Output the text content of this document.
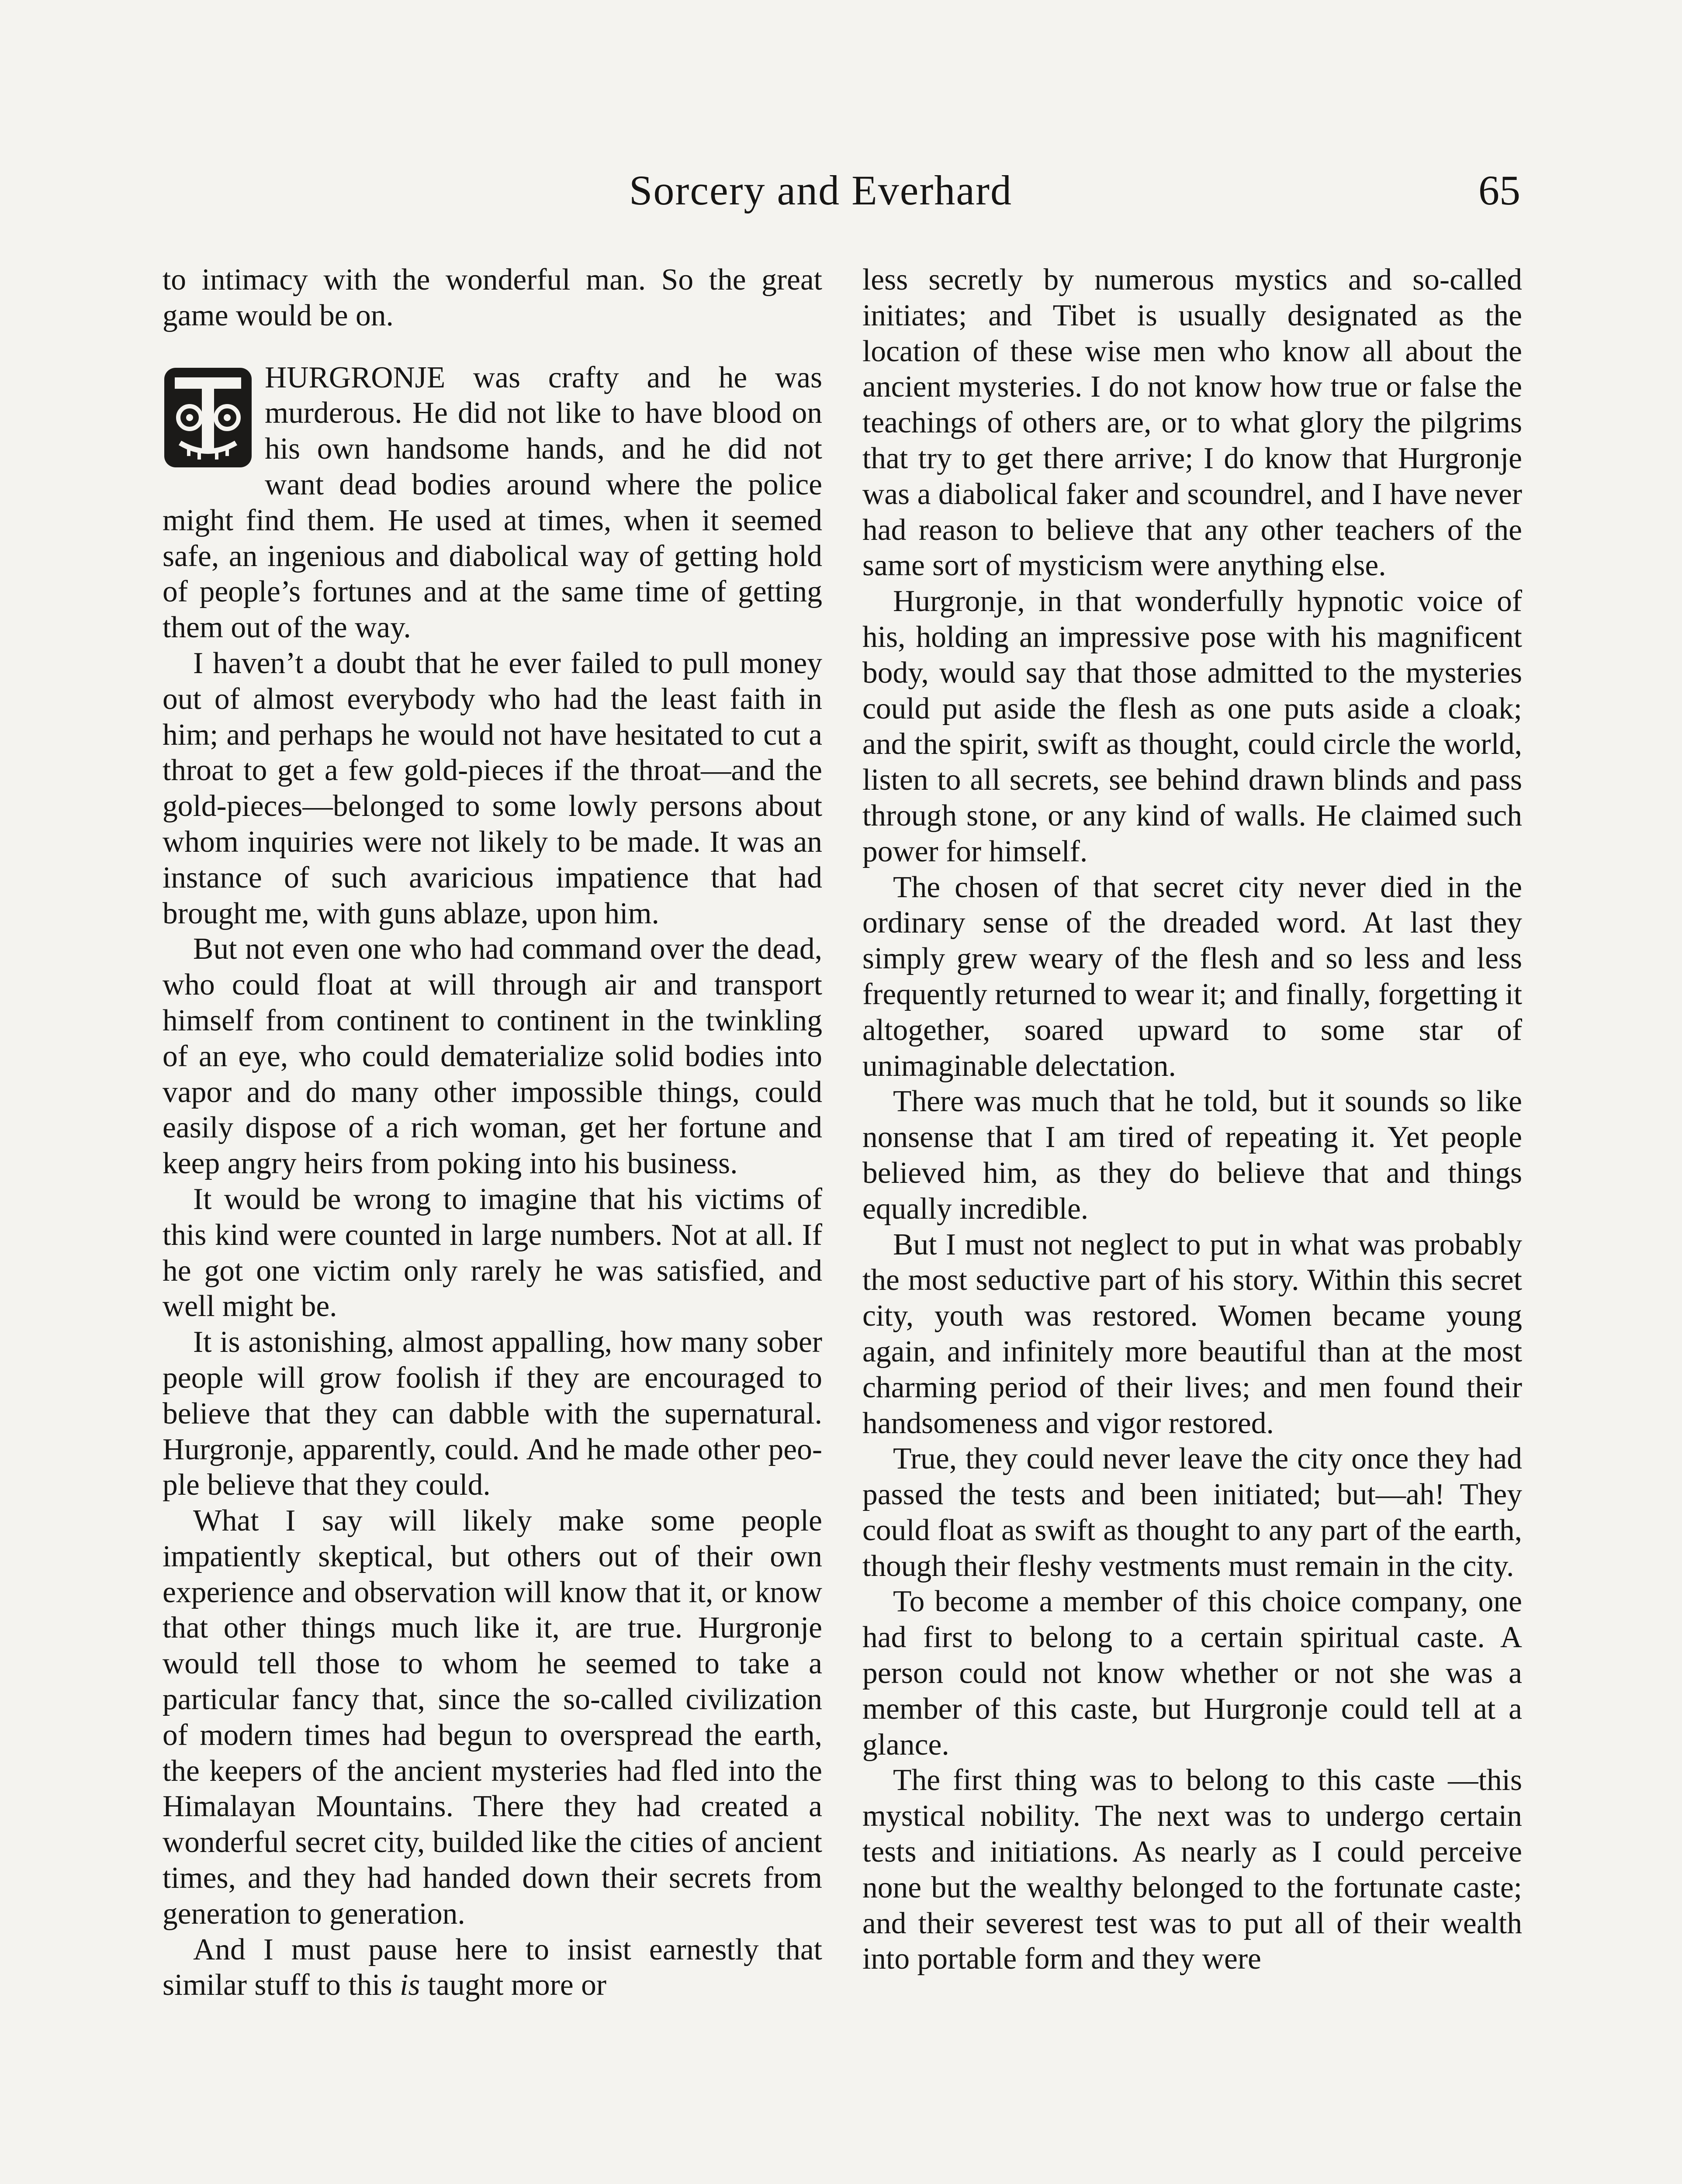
Sorcery and Everhard	65

to intimacy with the wonderful man. So the great game would be on.

HURGRONJE was crafty and he was murderous. He did not like to have blood on his own handsome hands, and he did not want dead bodies around where the police might find them. He used at times, when it seemed safe, an ingenious and diabolical way of getting hold of people’s fortunes and at the same time of getting them out of the way.

I haven’t a doubt that he ever failed to pull money out of almost everybody who had the least faith in him; and perhaps he would not have hesitated to cut a throat to get a few gold-pieces if the throat—and the gold-pieces—belonged to some lowly persons about whom inquiries were not likely to be made. It was an instance of such avaricious impatience that had brought me, with guns ablaze, upon him.

But not even one who had command over the dead, who could float at will through air and transport himself from continent to continent in the twinkling of an eye, who could dematerialize solid bodies into vapor and do many other impossible things, could easily dispose of a rich woman, get her fortune and keep angry heirs from poking into his business.

It would be wrong to imagine that his victims of this kind were counted in large numbers. Not at all. If he got one victim only rarely he was satisfied, and well might be.

It is astonishing, almost appalling, how many sober people will grow foolish if they are encouraged to believe that they can dabble with the supernatural. Hurgronje, apparently, could. And he made other people believe that they could.

What I say will likely make some people impatiently skeptical, but others out of their own experience and observation will know that it, or know that other things much like it, are true. Hurgronje would tell those to whom he seemed to take a particular fancy that, since the so-called civilization of modern times had begun to overspread the earth, the keepers of the ancient mysteries had fled into the Himalayan Mountains. There they had created a wonderful secret city, builded like the cities of ancient times, and they had handed down their secrets from generation to generation.

And I must pause here to insist earnestly that similar stuff to this is taught more or

less secretly by numerous mystics and so-called initiates; and Tibet is usually designated as the location of these wise men who know all about the ancient mysteries. I do not know how true or false the teachings of others are, or to what glory the pilgrims that try to get there arrive; I do know that Hurgronje was a diabolical faker and scoundrel, and I have never had reason to believe that any other teachers of the same sort of mysticism were anything else.

Hurgronje, in that wonderfully hypnotic voice of his, holding an impressive pose with his magnificent body, would say that those admitted to the mysteries could put aside the flesh as one puts aside a cloak; and the spirit, swift as thought, could circle the world, listen to all secrets, see behind drawn blinds and pass through stone, or any kind of walls. He claimed such power for himself.

The chosen of that secret city never died in the ordinary sense of the dreaded word. At last they simply grew weary of the flesh and so less and less frequently returned to wear it; and finally, forgetting it altogether, soared upward to some star of unimaginable delectation.

There was much that he told, but it sounds so like nonsense that I am tired of repeating it. Yet people believed him, as they do believe that and things equally incredible.

But I must not neglect to put in what was probably the most seductive part of his story. Within this secret city, youth was restored. Women became young again, and infinitely more beautiful than at the most charming period of their lives; and men found their handsomeness and vigor restored.

True, they could never leave the city once they had passed the tests and been initiated; but—ah! They could float as swift as thought to any part of the earth, though their fleshy vestments must remain in the city.

To become a member of this choice company, one had first to belong to a certain spiritual caste. A person could not know whether or not she was a member of this caste, but Hurgronje could tell at a glance.

The first thing was to belong to this caste —this mystical nobility. The next was to undergo certain tests and initiations. As nearly as I could perceive none but the wealthy belonged to the fortunate caste; and their severest test was to put all of their wealth into portable form and they were
